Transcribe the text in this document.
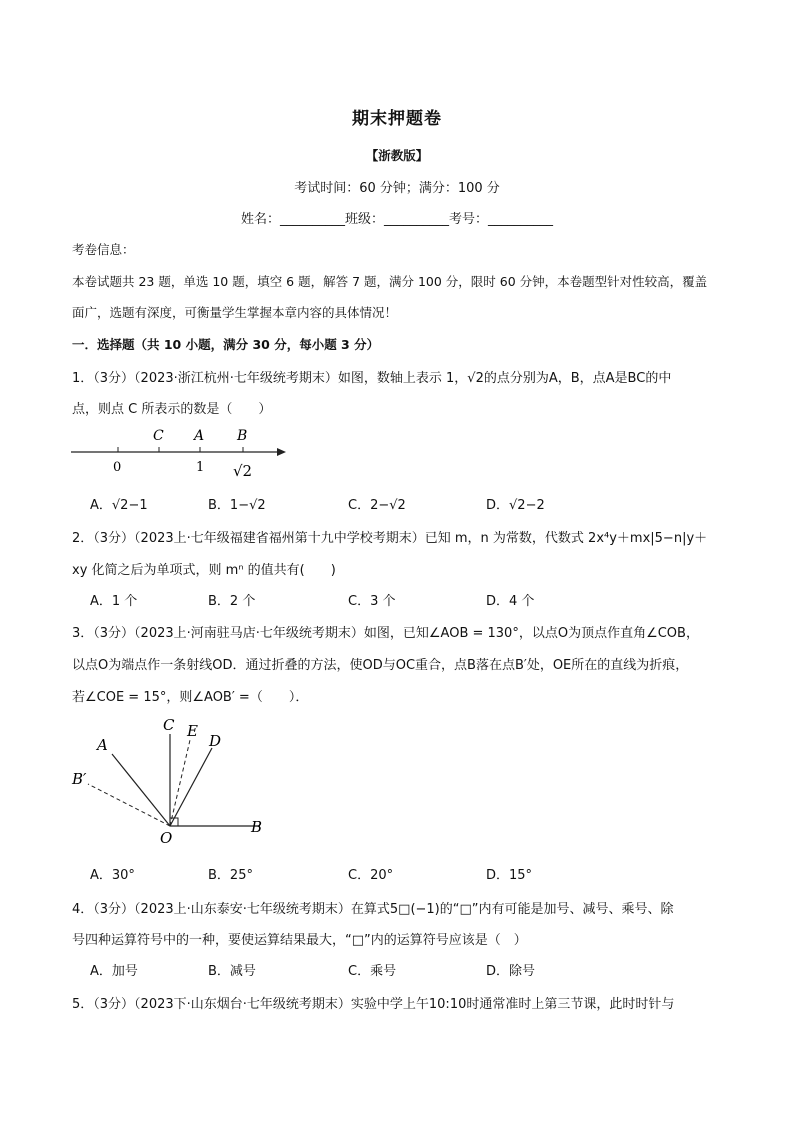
期末押题卷
【浙教版】
考试时间：60 分钟；满分：100 分
姓名：__________班级：__________考号：__________
考卷信息：
本卷试题共 23 题，单选 10 题，填空 6 题，解答 7 题，满分 100 分，限时 60 分钟，本卷题型针对性较高，覆盖
面广，选题有深度，可衡量学生掌握本章内容的具体情况！
一．选择题（共 10 小题，满分 30 分，每小题 3 分）
1．（3分）（2023·浙江杭州·七年级统考期末）如图，数轴上表示 1，√2的点分别为A，B，点A是BC的中
点，则点 C 所表示的数是（　　）
C A B
0	1 √2
A．√2−1	B．1−√2	C．2−√2	D．√2−2
2．（3分）（2023上·七年级福建省福州第十九中学校考期末）已知 m，n 为常数，代数式 2x⁴y＋mx|5−n|y＋
xy 化简之后为单项式，则 mⁿ 的值共有(　　)
A．1 个	B．2 个	C．3 个	D．4 个
3．（3分）（2023上·河南驻马店·七年级统考期末）如图，已知∠AOB = 130°，以点O为顶点作直角∠COB，
以点O为端点作一条射线OD．通过折叠的方法，使OD与OC重合，点B落在点B′处，OE所在的直线为折痕，
若∠COE = 15°，则∠AOB′ =（　　）．
A
C E
D
B′
O
B
A．30°	B．25°	C．20°	D．15°
4．（3分）（2023上·山东泰安·七年级统考期末）在算式5□(−1)的“□”内有可能是加号、减号、乘号、除
号四种运算符号中的一种，要使运算结果最大，“□”内的运算符号应该是（　）
A．加号	B．减号	C．乘号	D．除号
5．（3分）（2023下·山东烟台·七年级统考期末）实验中学上午10:10时通常准时上第三节课，此时时针与
